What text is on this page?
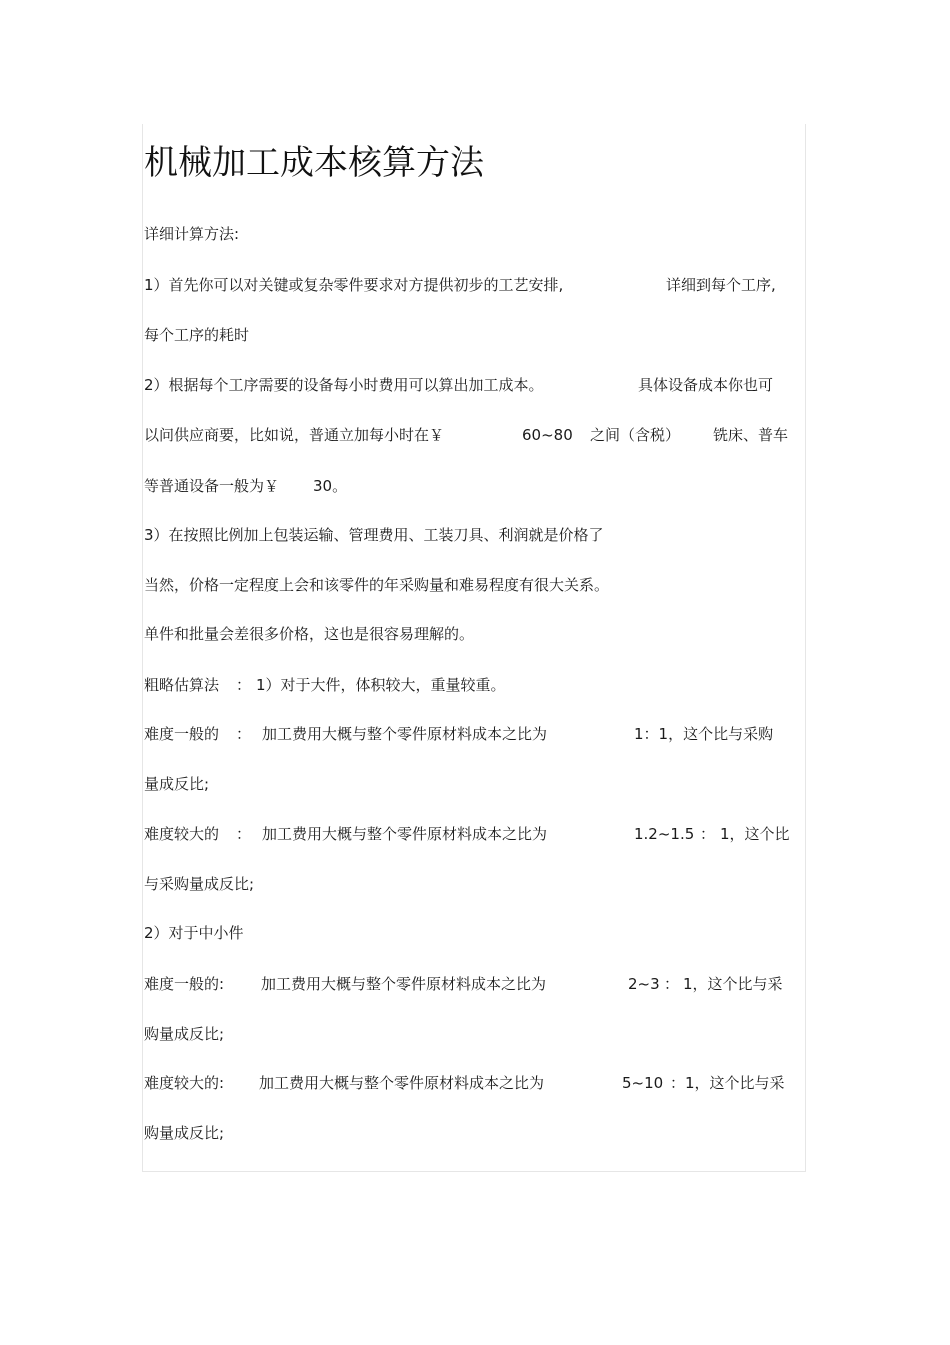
机械加工成本核算方法
详细计算方法:
1）首先你可以对关键或复杂零件要求对方提供初步的工艺安排,	详细到每个工序,
每个工序的耗时
2）根据每个工序需要的设备每小时费用可以算出加工成本。	具体设备成本你也可
以问供应商要，比如说，普通立加每小时在￥	60~80 之间（含税） 铣床、普车
等普通设备一般为￥ 30。
3）在按照比例加上包装运输、管理费用、工装刀具、利润就是价格了
当然，价格一定程度上会和该零件的年采购量和难易程度有很大关系。
单件和批量会差很多价格，这也是很容易理解的。
粗略估算法 ： 1）对于大件，体积较大，重量较重。
难度一般的 ： 加工费用大概与整个零件原材料成本之比为	1：1，这个比与采购
量成反比;
难度较大的 ： 加工费用大概与整个零件原材料成本之比为	1.2~1.5 ： 1，这个比
与采购量成反比;
2）对于中小件
难度一般的: 加工费用大概与整个零件原材料成本之比为	2~3 ： 1，这个比与采
购量成反比;
难度较大的: 加工费用大概与整个零件原材料成本之比为	5~10 ：1，这个比与采
购量成反比;
